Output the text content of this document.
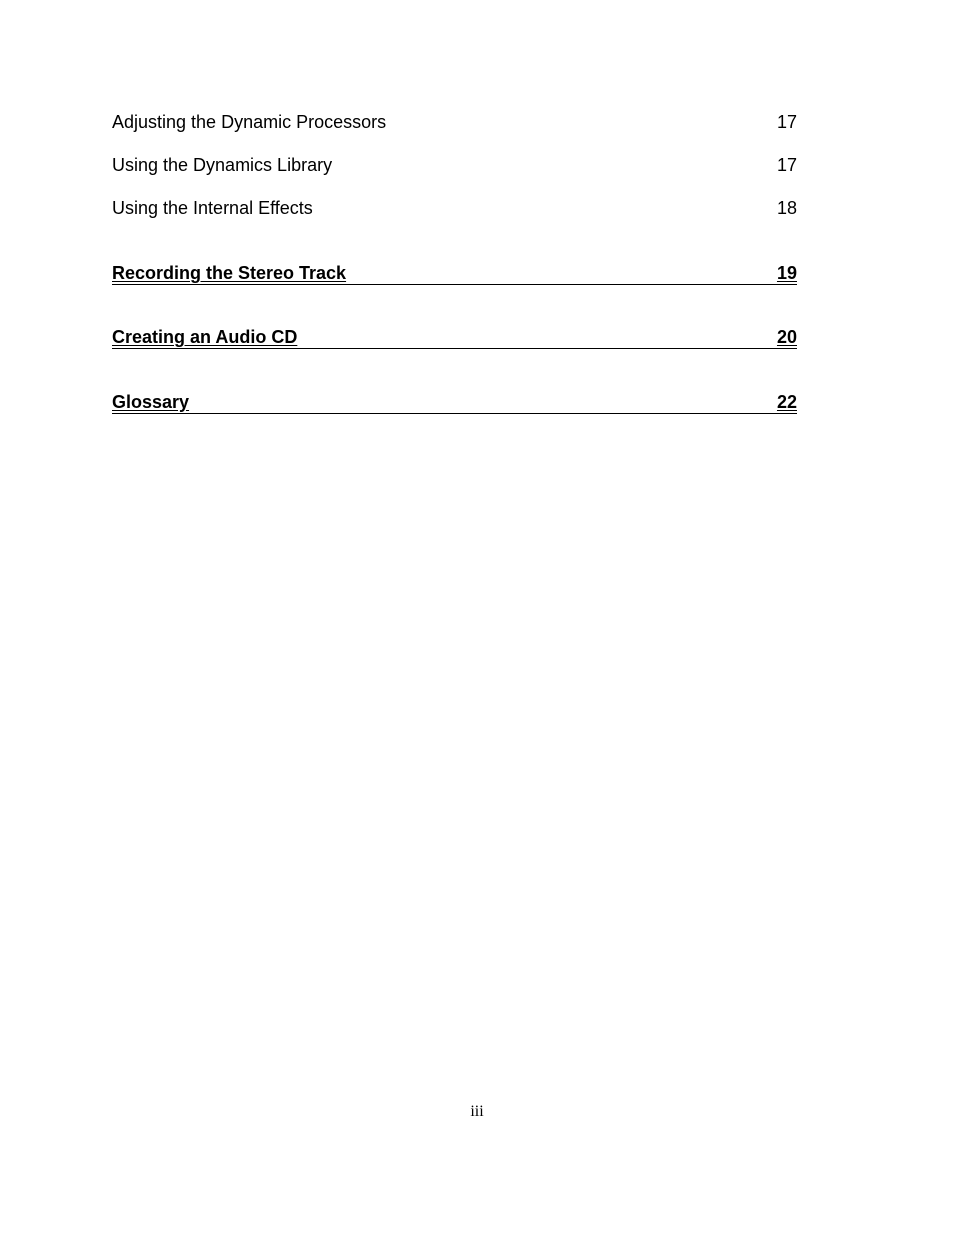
Adjusting the Dynamic Processors	17
Using the Dynamics Library	17
Using the Internal Effects	18
Recording the Stereo Track	19
Creating an Audio CD	20
Glossary	22
iii
